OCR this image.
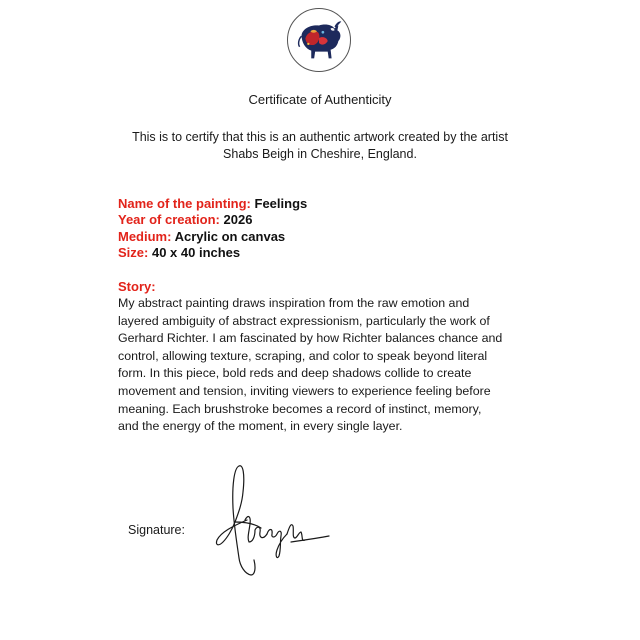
Certificate of Authenticity

This is to certify that this is an authentic artwork created by the artist

Shabs Beigh in Cheshire, England.

Name of the painting: Feelings
Year of creation: 2026
Medium: Acrylic on canvas
Size: 40 x 40 inches
Story:
My abstract painting draws inspiration from the raw emotion and
layered ambiguity of abstract expressionism, particularly the work of
Gerhard Richter. I am fascinated by how Richter balances chance and
control, allowing texture, scraping, and color to speak beyond literal
form. In this piece, bold reds and deep shadows collide to create
movement and tension, inviting viewers to experience feeling before
meaning. Each brushstroke becomes a record of instinct, memory,
and the energy of the moment, in every single layer.
Signature:
